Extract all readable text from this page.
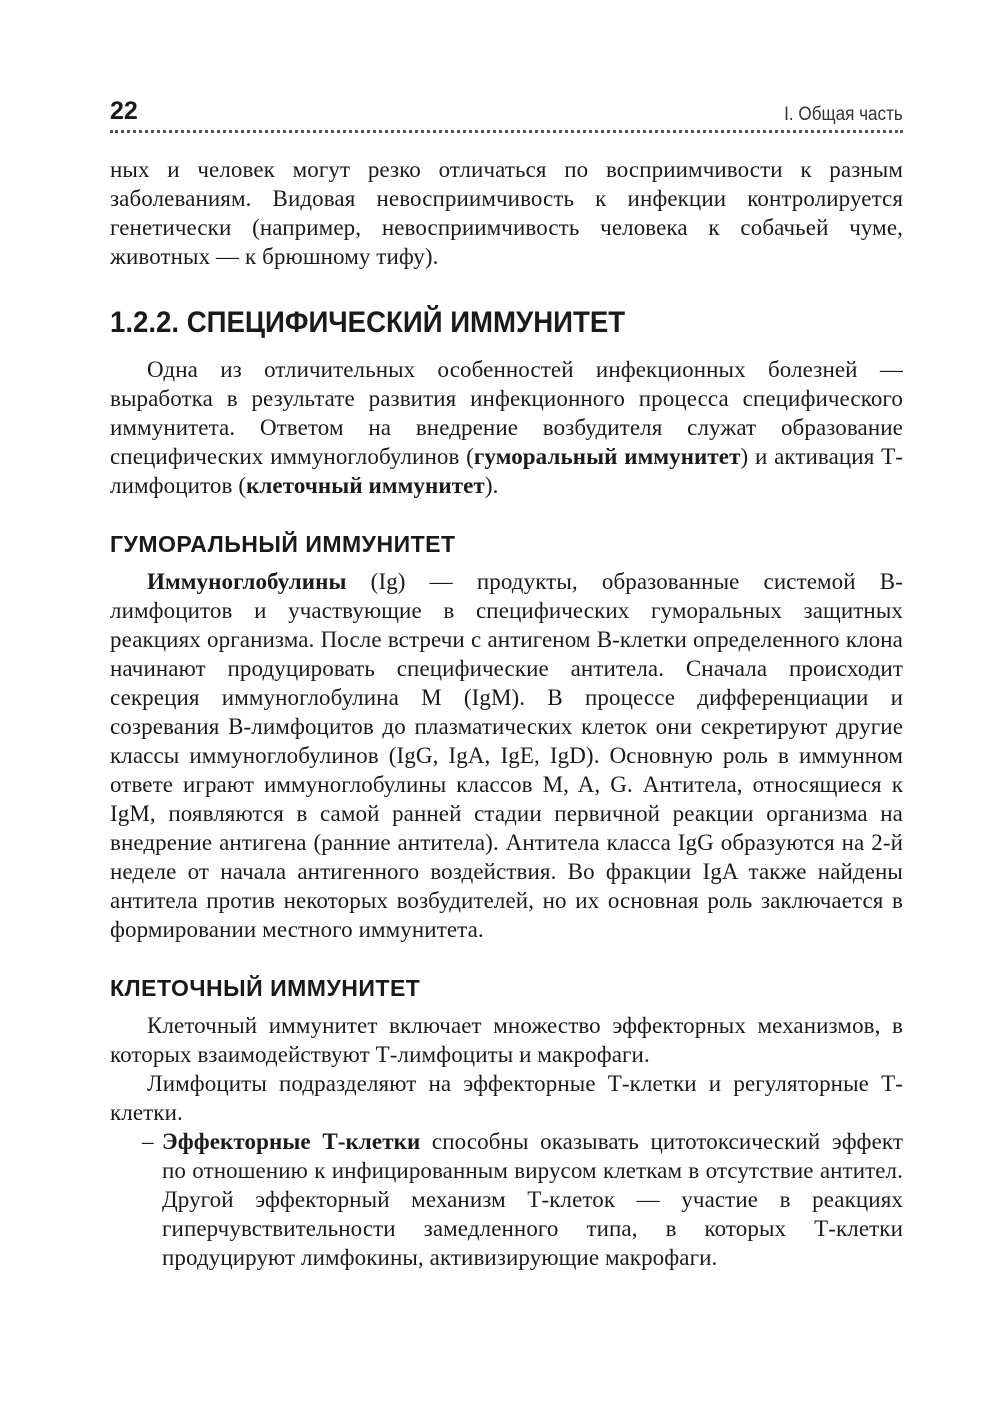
22	I. Общая часть

ных и человек могут резко отличаться по восприимчивости к разным заболеваниям. Видовая невосприимчивость к инфекции контролируется генетически (например, невосприимчивость человека к собачьей чуме, животных — к брюшному тифу).

1.2.2. СПЕЦИФИЧЕСКИЙ ИММУНИТЕТ

Одна из отличительных особенностей инфекционных болезней — выработка в результате развития инфекционного процесса специфического иммунитета. Ответом на внедрение возбудителя служат образование специфических иммуноглобулинов (гуморальный иммунитет) и активация Т-лимфоцитов (клеточный иммунитет).

ГУМОРАЛЬНЫЙ ИММУНИТЕТ

Иммуноглобулины (Ig) — продукты, образованные системой В-лимфоцитов и участвующие в специфических гуморальных защитных реакциях организма. После встречи с антигеном В-клетки определенного клона начинают продуцировать специфические антитела. Сначала происходит секреция иммуноглобулина M (IgM). В процессе дифференциации и созревания В-лимфоцитов до плазматических клеток они секретируют другие классы иммуноглобулинов (IgG, IgA, IgE, IgD). Основную роль в иммунном ответе играют иммуноглобулины классов M, A, G. Антитела, относящиеся к IgM, появляются в самой ранней стадии первичной реакции организма на внедрение антигена (ранние антитела). Антитела класса IgG образуются на 2-й неделе от начала антигенного воздействия. Во фракции IgA также найдены антитела против некоторых возбудителей, но их основная роль заключается в формировании местного иммунитета.

КЛЕТОЧНЫЙ ИММУНИТЕТ

Клеточный иммунитет включает множество эффекторных механизмов, в которых взаимодействуют Т-лимфоциты и макрофаги.

Лимфоциты подразделяют на эффекторные Т-клетки и регуляторные Т-клетки.

– Эффекторные Т-клетки способны оказывать цитотоксический эффект по отношению к инфицированным вирусом клеткам в отсутствие антител. Другой эффекторный механизм Т-клеток — участие в реакциях гиперчувствительности замедленного типа, в которых Т-клетки продуцируют лимфокины, активизирующие макрофаги.
